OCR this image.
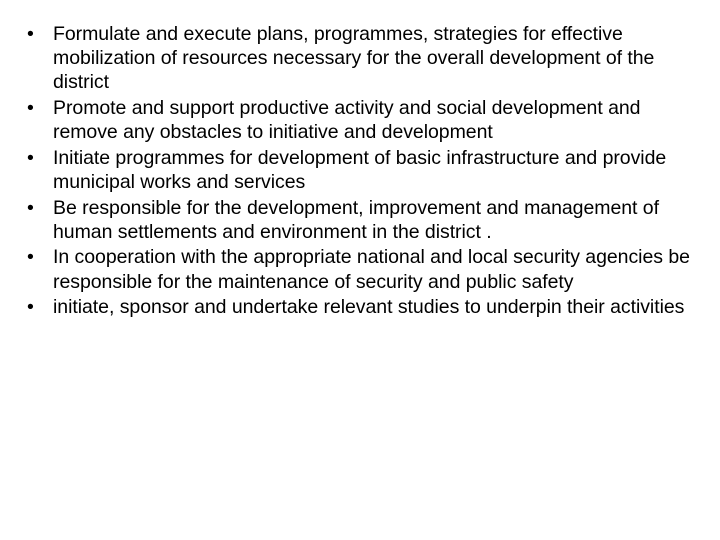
• Formulate and execute plans, programmes, strategies for effective mobilization of resources necessary for the overall development of the district
• Promote and support productive activity and social development and remove any obstacles to initiative and development
• Initiate programmes for development of basic infrastructure and provide municipal works and services
• Be responsible for the development, improvement and management of human settlements and environment in the district .
• In cooperation with the appropriate national and local security agencies be responsible for the maintenance of security and public safety
• initiate, sponsor and undertake relevant studies to underpin their activities
